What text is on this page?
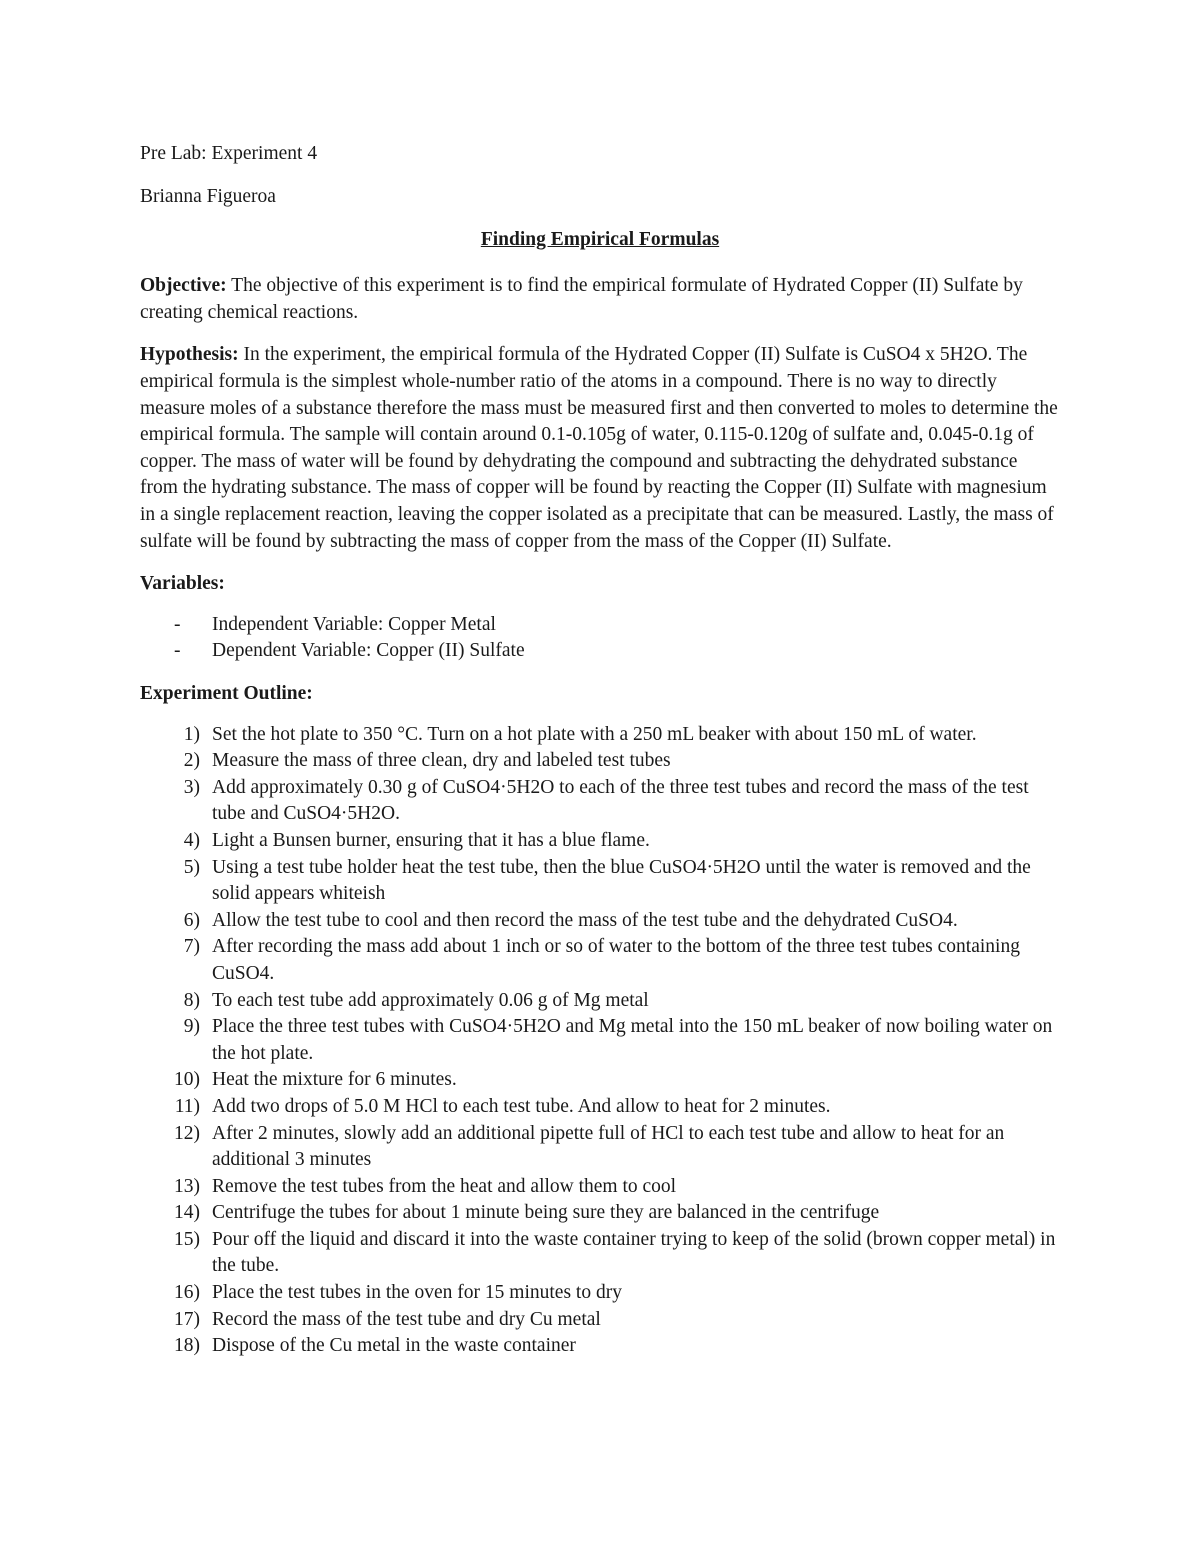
Pre Lab: Experiment 4

Brianna Figueroa

Finding Empirical Formulas

Objective: The objective of this experiment is to find the empirical formulate of Hydrated Copper (II) Sulfate by creating chemical reactions.

Hypothesis: In the experiment, the empirical formula of the Hydrated Copper (II) Sulfate is CuSO4 x 5H2O. The empirical formula is the simplest whole-number ratio of the atoms in a compound. There is no way to directly measure moles of a substance therefore the mass must be measured first and then converted to moles to determine the empirical formula. The sample will contain around 0.1-0.105g of water, 0.115-0.120g of sulfate and, 0.045-0.1g of copper. The mass of water will be found by dehydrating the compound and subtracting the dehydrated substance from the hydrating substance. The mass of copper will be found by reacting the Copper (II) Sulfate with magnesium in a single replacement reaction, leaving the copper isolated as a precipitate that can be measured. Lastly, the mass of sulfate will be found by subtracting the mass of copper from the mass of the Copper (II) Sulfate.

Variables:

- Independent Variable: Copper Metal
- Dependent Variable: Copper (II) Sulfate

Experiment Outline:

1) Set the hot plate to 350 °C. Turn on a hot plate with a 250 mL beaker with about 150 mL of water.
2) Measure the mass of three clean, dry and labeled test tubes
3) Add approximately 0.30 g of CuSO4·5H2O to each of the three test tubes and record the mass of the test tube and CuSO4·5H2O.
4) Light a Bunsen burner, ensuring that it has a blue flame.
5) Using a test tube holder heat the test tube, then the blue CuSO4·5H2O until the water is removed and the solid appears whiteish
6) Allow the test tube to cool and then record the mass of the test tube and the dehydrated CuSO4.
7) After recording the mass add about 1 inch or so of water to the bottom of the three test tubes containing CuSO4.
8) To each test tube add approximately 0.06 g of Mg metal
9) Place the three test tubes with CuSO4·5H2O and Mg metal into the 150 mL beaker of now boiling water on the hot plate.
10) Heat the mixture for 6 minutes.
11) Add two drops of 5.0 M HCl to each test tube. And allow to heat for 2 minutes.
12) After 2 minutes, slowly add an additional pipette full of HCl to each test tube and allow to heat for an additional 3 minutes
13) Remove the test tubes from the heat and allow them to cool
14) Centrifuge the tubes for about 1 minute being sure they are balanced in the centrifuge
15) Pour off the liquid and discard it into the waste container trying to keep of the solid (brown copper metal) in the tube.
16) Place the test tubes in the oven for 15 minutes to dry
17) Record the mass of the test tube and dry Cu metal
18) Dispose of the Cu metal in the waste container
